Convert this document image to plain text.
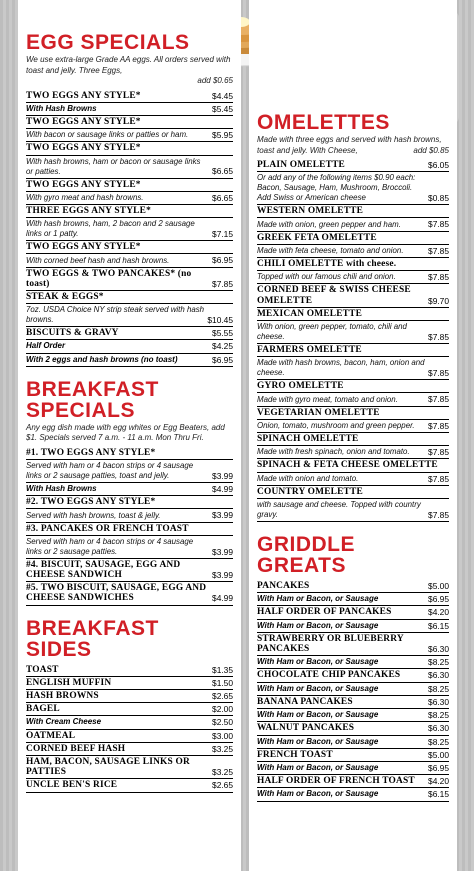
EGG SPECIALS
We use extra-large Grade AA eggs. All orders served with toast and jelly. Three Eggs,
add $0.65
TWO EGGS ANY STYLE*	$4.45
With Hash Browns	$5.45
TWO EGGS ANY STYLE*
With bacon or sausage links or patties or ham.	$5.95
TWO EGGS ANY STYLE*
With hash browns, ham or bacon or sausage links or patties.	$6.65
TWO EGGS ANY STYLE*
With gyro meat and hash browns.	$6.65
THREE EGGS ANY STYLE*
With hash browns, ham, 2 bacon and 2 sausage links or 1 patty.	$7.15
TWO EGGS ANY STYLE*
With corned beef hash and hash browns.	$6.95
TWO EGGS & TWO PANCAKES* (no toast)	$7.85
STEAK & EGGS*
7oz. USDA Choice NY strip steak served with hash browns.	$10.45
BISCUITS & GRAVY	$5.55
Half Order	$4.25
With 2 eggs and hash browns (no toast)	$6.95
BREAKFAST
SPECIALS
Any egg dish made with egg whites or Egg Beaters, add $1. Specials served 7 a.m. - 11 a.m. Mon Thru Fri.
#1. TWO EGGS ANY STYLE*
Served with ham or 4 bacon strips or 4 sausage links or 2 sausage patties, toast and jelly.	$3.99
With Hash Browns	$4.99
#2. TWO EGGS ANY STYLE*
Served with hash browns, toast & jelly.	$3.99
#3. PANCAKES OR FRENCH TOAST
Served with ham or 4 bacon strips or 4 sausage links or 2 sausage patties.	$3.99
#4. BISCUIT, SAUSAGE, EGG AND CHEESE SANDWICH	$3.99
#5. TWO BISCUIT, SAUSAGE, EGG AND CHEESE SANDWICHES	$4.99
BREAKFAST
SIDES
TOAST	$1.35
ENGLISH MUFFIN	$1.50
HASH BROWNS	$2.65
BAGEL	$2.00
With Cream Cheese	$2.50
OATMEAL	$3.00
CORNED BEEF HASH	$3.25
HAM, BACON, SAUSAGE LINKS OR PATTIES	$3.25
UNCLE BEN'S RICE	$2.65
OMELETTES
Made with three eggs and served with hash browns, toast and jelly. With Cheese,	add $0.85
PLAIN OMELETTE	$6.05
Or add any of the following items $0.90 each: Bacon, Sausage, Ham, Mushroom, Broccoli. Add Swiss or American cheese	$0.85
WESTERN OMELETTE
Made with onion, green pepper and ham.	$7.85
GREEK FETA OMELETTE
Made with feta cheese, tomato and onion.	$7.85
CHILI OMELETTE with cheese.
Topped with our famous chili and onion.	$7.85
CORNED BEEF & SWISS CHEESE OMELETTE	$9.70
MEXICAN OMELETTE
With onion, green pepper, tomato, chili and cheese.	$7.85
FARMERS OMELETTE
Made with hash browns, bacon, ham, onion and cheese.	$7.85
GYRO OMELETTE
Made with gyro meat, tomato and onion.	$7.85
VEGETARIAN OMELETTE
Onion, tomato, mushroom and green pepper.	$7.85
SPINACH OMELETTE
Made with fresh spinach, onion and tomato.	$7.85
SPINACH & FETA CHEESE OMELETTE
Made with onion and tomato.	$7.85
COUNTRY OMELETTE
with sausage and cheese. Topped with country gravy.	$7.85
GRIDDLE GREATS
PANCAKES	$5.00
With Ham or Bacon, or Sausage	$6.95
HALF ORDER OF PANCAKES	$4.20
With Ham or Bacon, or Sausage	$6.15
STRAWBERRY OR BLUEBERRY PANCAKES	$6.30
With Ham or Bacon, or Sausage	$8.25
CHOCOLATE CHIP PANCAKES	$6.30
With Ham or Bacon, or Sausage	$8.25
BANANA PANCAKES	$6.30
With Ham or Bacon, or Sausage	$8.25
WALNUT PANCAKES	$6.30
With Ham or Bacon, or Sausage	$8.25
FRENCH TOAST	$5.00
With Ham or Bacon, or Sausage	$6.95
HALF ORDER OF FRENCH TOAST	$4.20
With Ham or Bacon, or Sausage	$6.15
